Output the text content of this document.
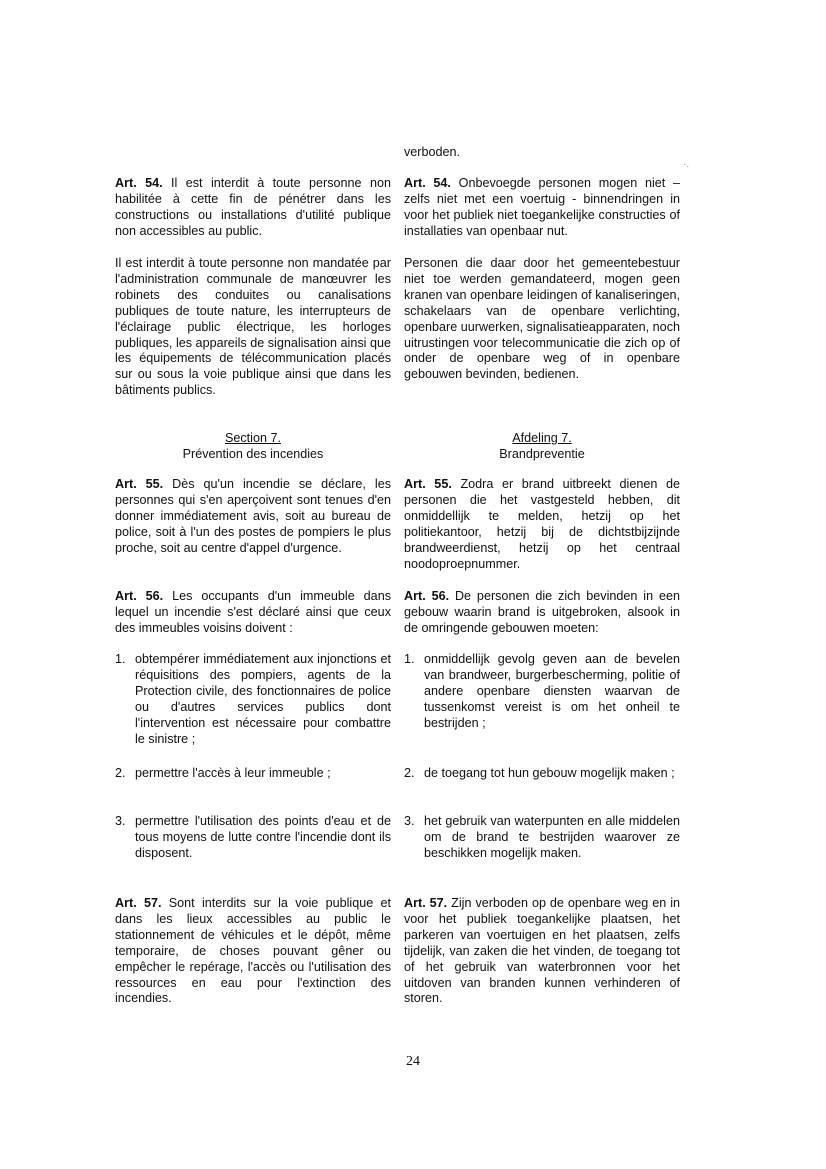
·.
Art. 54. Il est interdit à toute personne non habilitée à cette fin de pénétrer dans les constructions ou installations d'utilité publique non accessibles au public.
Il est interdit à toute personne non mandatée par l'administration communale de manœuvrer les robinets des conduites ou canalisations publiques de toute nature, les interrupteurs de l'éclairage public électrique, les horloges publiques, les appareils de signalisation ainsi que les équipements de télécommunication placés sur ou sous la voie publique ainsi que dans les bâtiments publics.
Section 7.
Prévention des incendies
Art. 55. Dès qu'un incendie se déclare, les personnes qui s'en aperçoivent sont tenues d'en donner immédiatement avis, soit au bureau de police, soit à l'un des postes de pompiers le plus proche, soit au centre d'appel d'urgence.
Art. 56. Les occupants d'un immeuble dans lequel un incendie s'est déclaré ainsi que ceux des immeubles voisins doivent :
1. obtempérer immédiatement aux injonctions et réquisitions des pompiers, agents de la Protection civile, des fonctionnaires de police ou d'autres services publics dont l'intervention est nécessaire pour combattre le sinistre ;
2. permettre l'accès à leur immeuble ;
3. permettre l'utilisation des points d'eau et de tous moyens de lutte contre l'incendie dont ils disposent.
Art. 57. Sont interdits sur la voie publique et dans les lieux accessibles au public le stationnement de véhicules et le dépôt, même temporaire, de choses pouvant gêner ou empêcher le repérage, l'accès ou l'utilisation des ressources en eau pour l'extinction des incendies.
verboden.
Art. 54. Onbevoegde personen mogen niet –zelfs niet met een voertuig - binnendringen in voor het publiek niet toegankelijke constructies of installaties van openbaar nut.
Personen die daar door het gemeentebestuur niet toe werden gemandateerd, mogen geen kranen van openbare leidingen of kanaliseringen, schakelaars van de openbare verlichting, openbare uurwerken, signalisatieapparaten, noch uitrustingen voor telecommunicatie die zich op of onder de openbare weg of in openbare gebouwen bevinden, bedienen.
Afdeling 7.
Brandpreventie
Art. 55. Zodra er brand uitbreekt dienen de personen die het vastgesteld hebben, dit onmiddellijk te melden, hetzij op het politiekantoor, hetzij bij de dichtstbijzijnde brandweerdienst, hetzij op het centraal noodoproepnummer.
Art. 56. De personen die zich bevinden in een gebouw waarin brand is uitgebroken, alsook in de omringende gebouwen moeten:
1. onmiddellijk gevolg geven aan de bevelen van brandweer, burgerbescherming, politie of andere openbare diensten waarvan de tussenkomst vereist is om het onheil te bestrijden ;
2. de toegang tot hun gebouw mogelijk maken ;
3. het gebruik van waterpunten en alle middelen om de brand te bestrijden waarover ze beschikken mogelijk maken.
Art. 57. Zijn verboden op de openbare weg en in voor het publiek toegankelijke plaatsen, het parkeren van voertuigen en het plaatsen, zelfs tijdelijk, van zaken die het vinden, de toegang tot of het gebruik van waterbronnen voor het uitdoven van branden kunnen verhinderen of storen.
24
